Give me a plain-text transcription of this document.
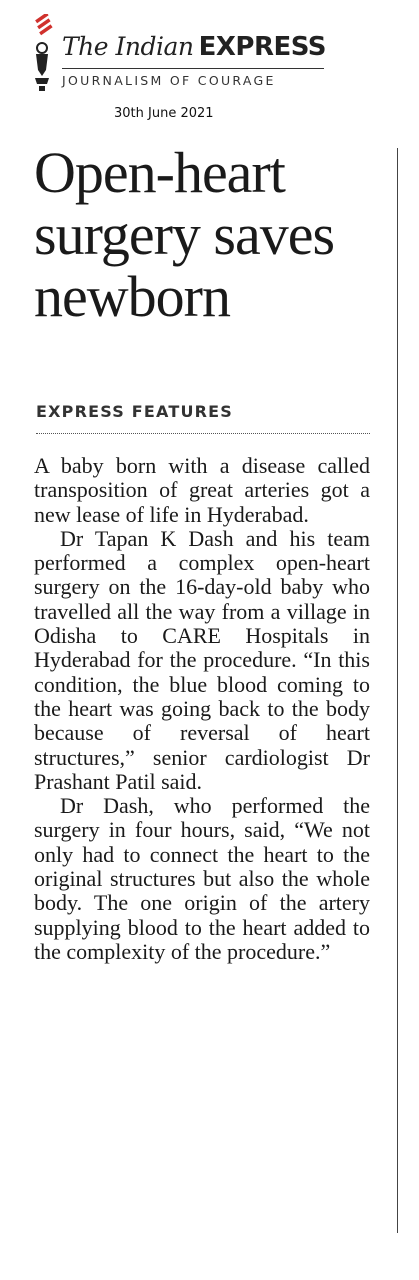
The Indian EXPRESS
JOURNALISM OF COURAGE
30th June 2021
Open-heart surgery saves newborn
EXPRESS FEATURES

A baby born with a disease called transposition of great arteries got a new lease of life in Hyderabad.

Dr Tapan K Dash and his team performed a complex open-heart surgery on the 16-day-old baby who travelled all the way from a village in Odisha to CARE Hospitals in Hyderabad for the procedure. “In this condition, the blue blood coming to the heart was going back to the body because of reversal of heart structures,” senior cardiologist Dr Prashant Patil said.

Dr Dash, who performed the surgery in four hours, said, “We not only had to connect the heart to the original structures but also the whole body. The one origin of the artery supplying blood to the heart added to the complexity of the procedure.”
